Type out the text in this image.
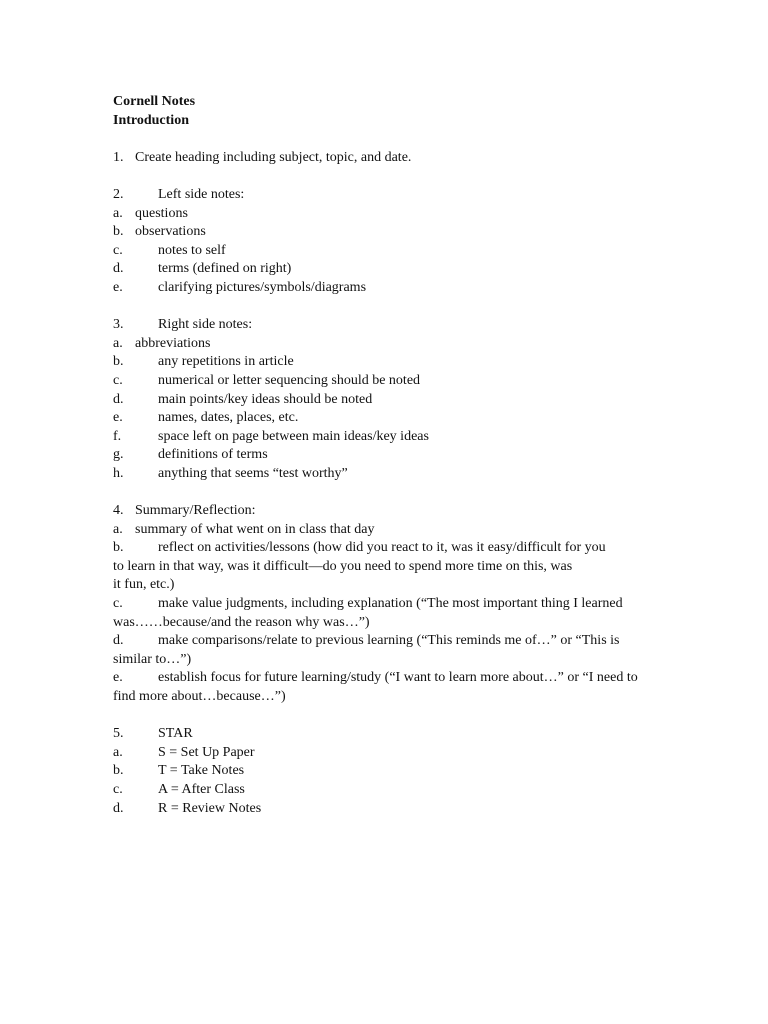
Cornell Notes
Introduction
1. Create heading including subject, topic, and date.
2. Left side notes:
a. questions
b. observations
c.	notes to self
d. terms (defined on right)
e.	clarifying pictures/symbols/diagrams
3. Right side notes:
a. abbreviations
b. any repetitions in article
c.	numerical or letter sequencing should be noted
d. main points/key ideas should be noted
e.	names, dates, places, etc.
f.	space left on page between main ideas/key ideas
g. definitions of terms
h. anything that seems “test worthy”
4. Summary/Reflection:
a. summary of what went on in class that day
b. reflect on activities/lessons (how did you react to it, was it easy/difficult for you
to learn in that way, was it difficult—do you need to spend more time on this, was
it fun, etc.)
c.	make value judgments, including explanation (“The most important thing I learned
was……because/and the reason why was…”)
d. make comparisons/relate to previous learning (“This reminds me of…” or “This is
similar to…”)
e.	establish focus for future learning/study (“I want to learn more about…” or “I need to
find more about…because…”)
5. STAR
a.	S = Set Up Paper
b. T = Take Notes
c.	A = After Class
d. R = Review Notes
